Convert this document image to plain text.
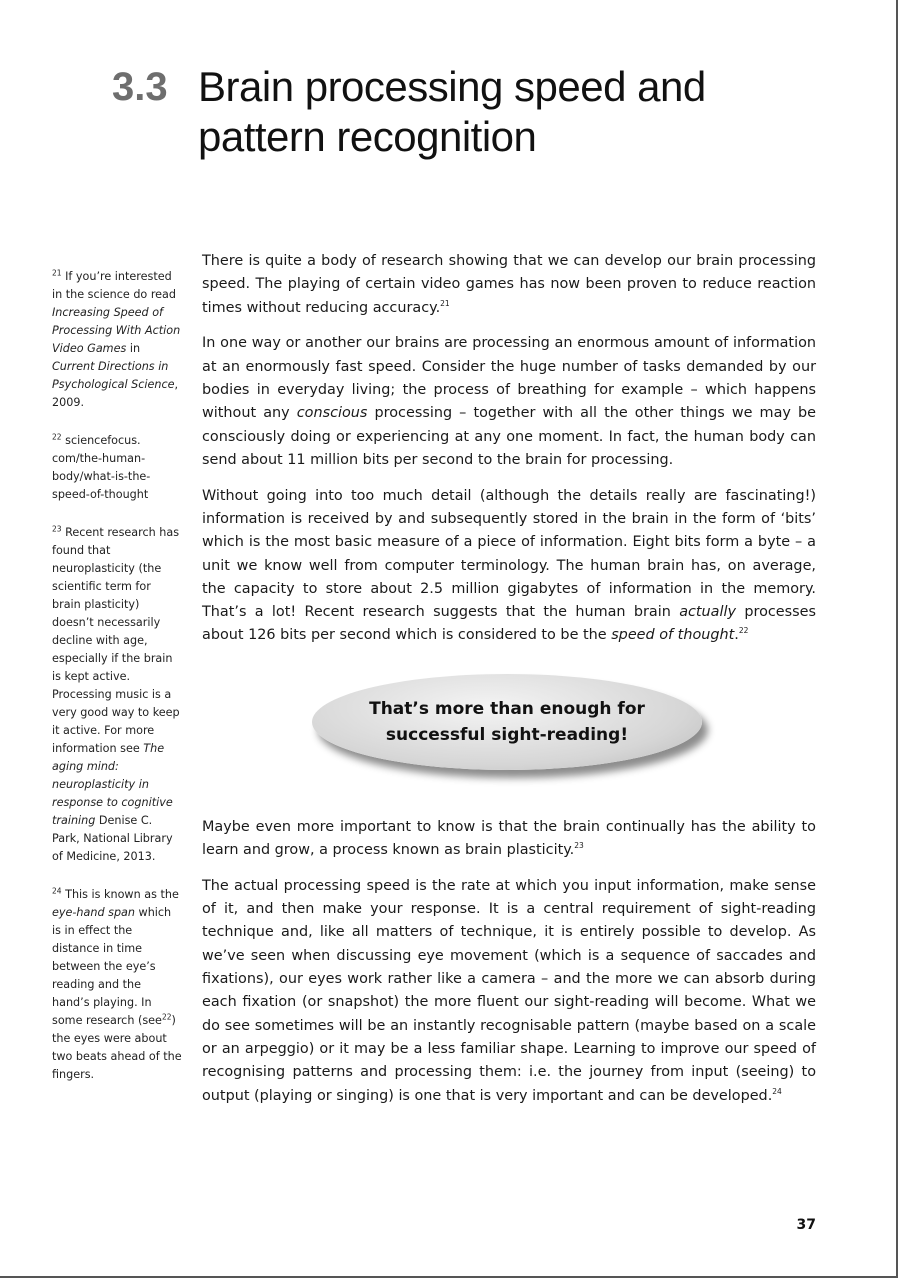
3.3 Brain processing speed and
pattern recognition

$^{21}$ If you’re interested in the science do read Increasing Speed of Processing With Action Video Games in Current Directions in Psychological Science, 2009.

$^{22}$ sciencefocus. com/the-human-body/what-is-the-speed-of-thought

$^{23}$ Recent research has found that neuroplasticity (the scientific term for brain plasticity) doesn’t necessarily decline with age, especially if the brain is kept active. Processing music is a very good way to keep it active. For more information see The aging mind: neuroplasticity in response to cognitive training Denise C. Park, National Library of Medicine, 2013.

$^{24}$ This is known as the eye-hand span which is in effect the distance in time between the eye’s reading and the hand’s playing. In some research (see$^{22}$) the eyes were about two beats ahead of the fingers.

There is quite a body of research showing that we can develop our brain processing speed. The playing of certain video games has now been proven to reduce reaction times without reducing accuracy.$^{21}$

In one way or another our brains are processing an enormous amount of information at an enormously fast speed. Consider the huge number of tasks demanded by our bodies in everyday living; the process of breathing for example – which happens without any conscious processing – together with all the other things we may be consciously doing or experiencing at any one moment. In fact, the human body can send about 11 million bits per second to the brain for processing.

Without going into too much detail (although the details really are fascinating!) information is received by and subsequently stored in the brain in the form of ‘bits’ which is the most basic measure of a piece of information. Eight bits form a byte – a unit we know well from computer terminology. The human brain has, on average, the capacity to store about 2.5 million gigabytes of information in the memory. That’s a lot! Recent research suggests that the human brain actually processes about 126 bits per second which is considered to be the speed of thought.$^{22}$

That’s more than enough for
successful sight-reading!

Maybe even more important to know is that the brain continually has the ability to learn and grow, a process known as brain plasticity.$^{23}$

The actual processing speed is the rate at which you input information, make sense of it, and then make your response. It is a central requirement of sight-reading technique and, like all matters of technique, it is entirely possible to develop. As we’ve seen when discussing eye movement (which is a sequence of saccades and fixations), our eyes work rather like a camera – and the more we can absorb during each fixation (or snapshot) the more fluent our sight-reading will become. What we do see sometimes will be an instantly recognisable pattern (maybe based on a scale or an arpeggio) or it may be a less familiar shape. Learning to improve our speed of recognising patterns and processing them: i.e. the journey from input (seeing) to output (playing or singing) is one that is very important and can be developed.$^{24}$

37
